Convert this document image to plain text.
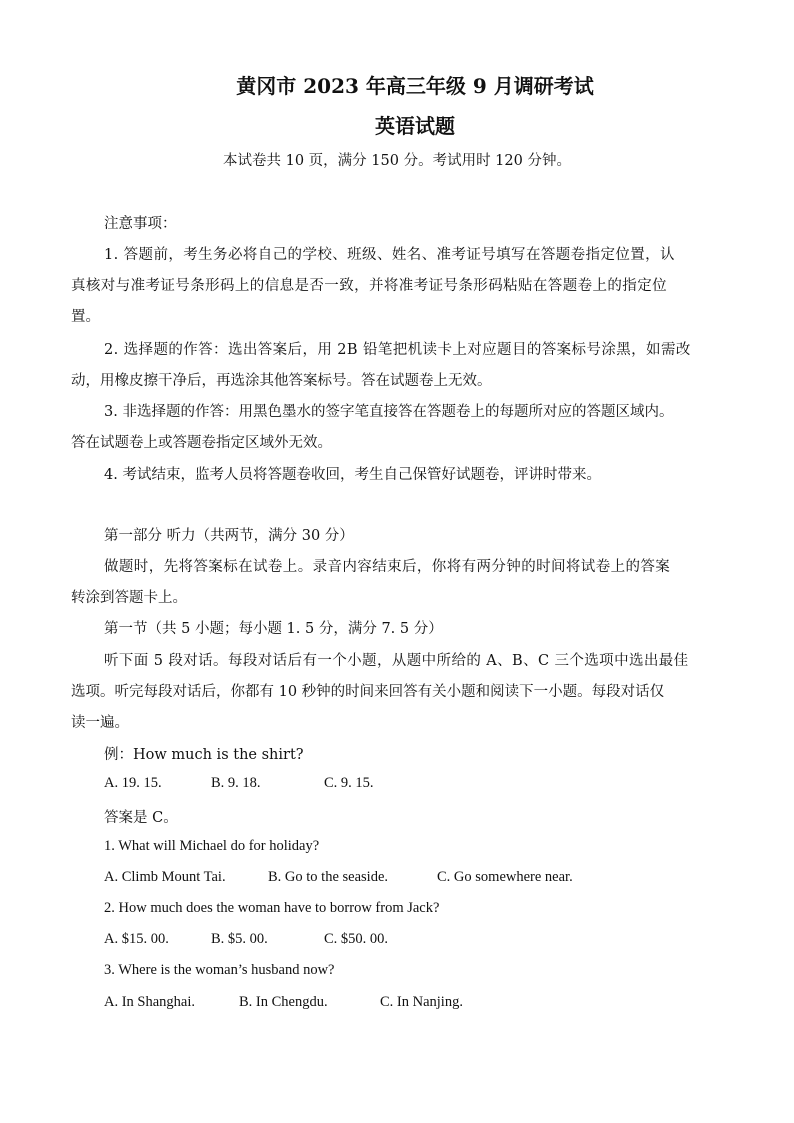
黄冈市 2023 年高三年级 9 月调研考试
英语试题
本试卷共 10 页，满分 150 分。考试用时 120 分钟。
注意事项：
1. 答题前，考生务必将自己的学校、班级、姓名、准考证号填写在答题卷指定位置，认
真核对与准考证号条形码上的信息是否一致，并将准考证号条形码粘贴在答题卷上的指定位
置。
2. 选择题的作答：选出答案后，用 2B 铅笔把机读卡上对应题目的答案标号涂黑，如需改
动，用橡皮擦干净后，再选涂其他答案标号。答在试题卷上无效。
3. 非选择题的作答：用黑色墨水的签字笔直接答在答题卷上的每题所对应的答题区域内。
答在试题卷上或答题卷指定区域外无效。
4. 考试结束，监考人员将答题卷收回，考生自己保管好试题卷，评讲时带来。
第一部分 听力（共两节，满分 30 分）
做题时，先将答案标在试卷上。录音内容结束后，你将有两分钟的时间将试卷上的答案
转涂到答题卡上。
第一节（共 5 小题；每小题 1. 5 分，满分 7. 5 分）
听下面 5 段对话。每段对话后有一个小题，从题中所给的 A、B、C 三个选项中选出最佳
选项。听完每段对话后，你都有 10 秒钟的时间来回答有关小题和阅读下一小题。每段对话仅
读一遍。
例：How much is the shirt?
A. 19. 15.	B. 9. 18.	C. 9. 15.
答案是 C。
1. What will Michael do for holiday?
A. Climb Mount Tai.	B. Go to the seaside.	C. Go somewhere near.
2. How much does the woman have to borrow from Jack?
A. $15. 00.	B. $5. 00.	C. $50. 00.
3. Where is the woman’s husband now?
A. In Shanghai.	B. In Chengdu.	C. In Nanjing.
